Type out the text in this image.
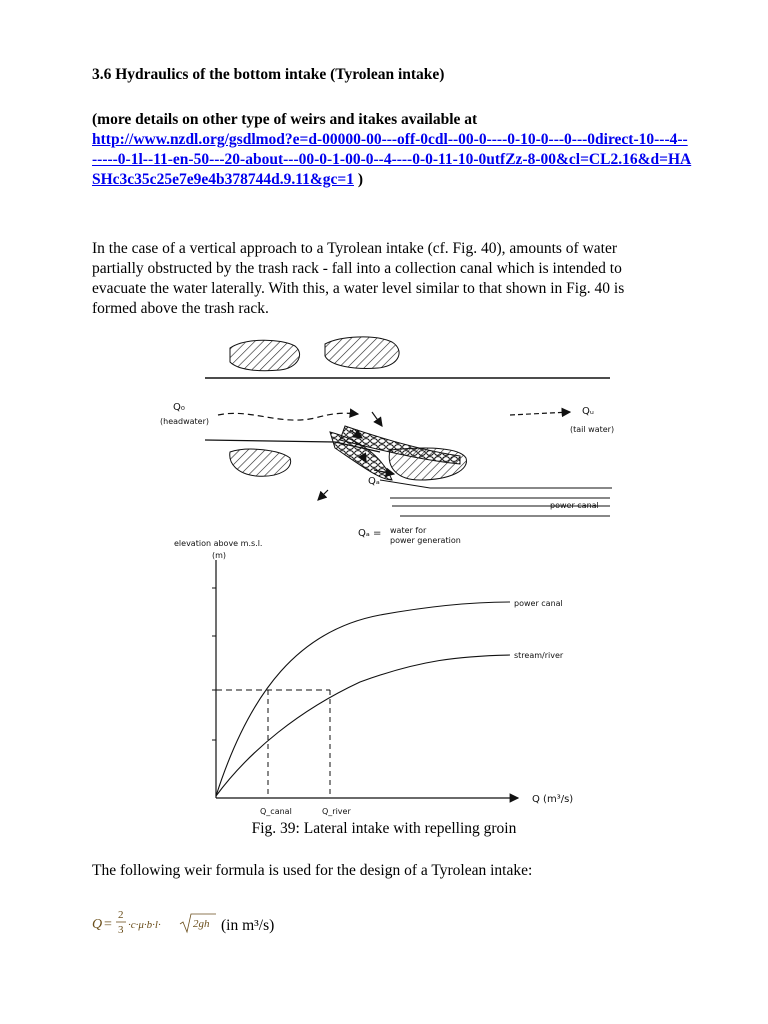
3.6 Hydraulics of the bottom intake (Tyrolean intake)
(more details on other type of weirs and itakes available at
http://www.nzdl.org/gsdlmod?e=d-00000-00---off-0cdl--00-0----0-10-0---0---0direct-10---4-------0-1l--11-en-50---20-about---00-0-1-00-0--4----0-0-11-10-0utfZz-8-00&cl=CL2.16&d=HASHc3c35c25e7e9e4b378744d.9.11&gc=1 )
In the case of a vertical approach to a Tyrolean intake (cf. Fig. 40), amounts of water
partially obstructed by the trash rack - fall into a collection canal which is intended to
evacuate the water laterally. With this, a water level similar to that shown in Fig. 40 is
formed above the trash rack.
Q₀
(headwater)
Qᵤ
(tail water)
Qₐ
power canal
Qₐ = water for
power generation
elevation above m.s.l.
(m)
power canal
stream/river
Q_canal	Q_river
Q (m³/s)
Fig. 39: Lateral intake with repelling groin
The following weir formula is used for the design of a Tyrolean intake:
Q =
2
3 ·c·μ·b·l·	2gh (in m³/s)
